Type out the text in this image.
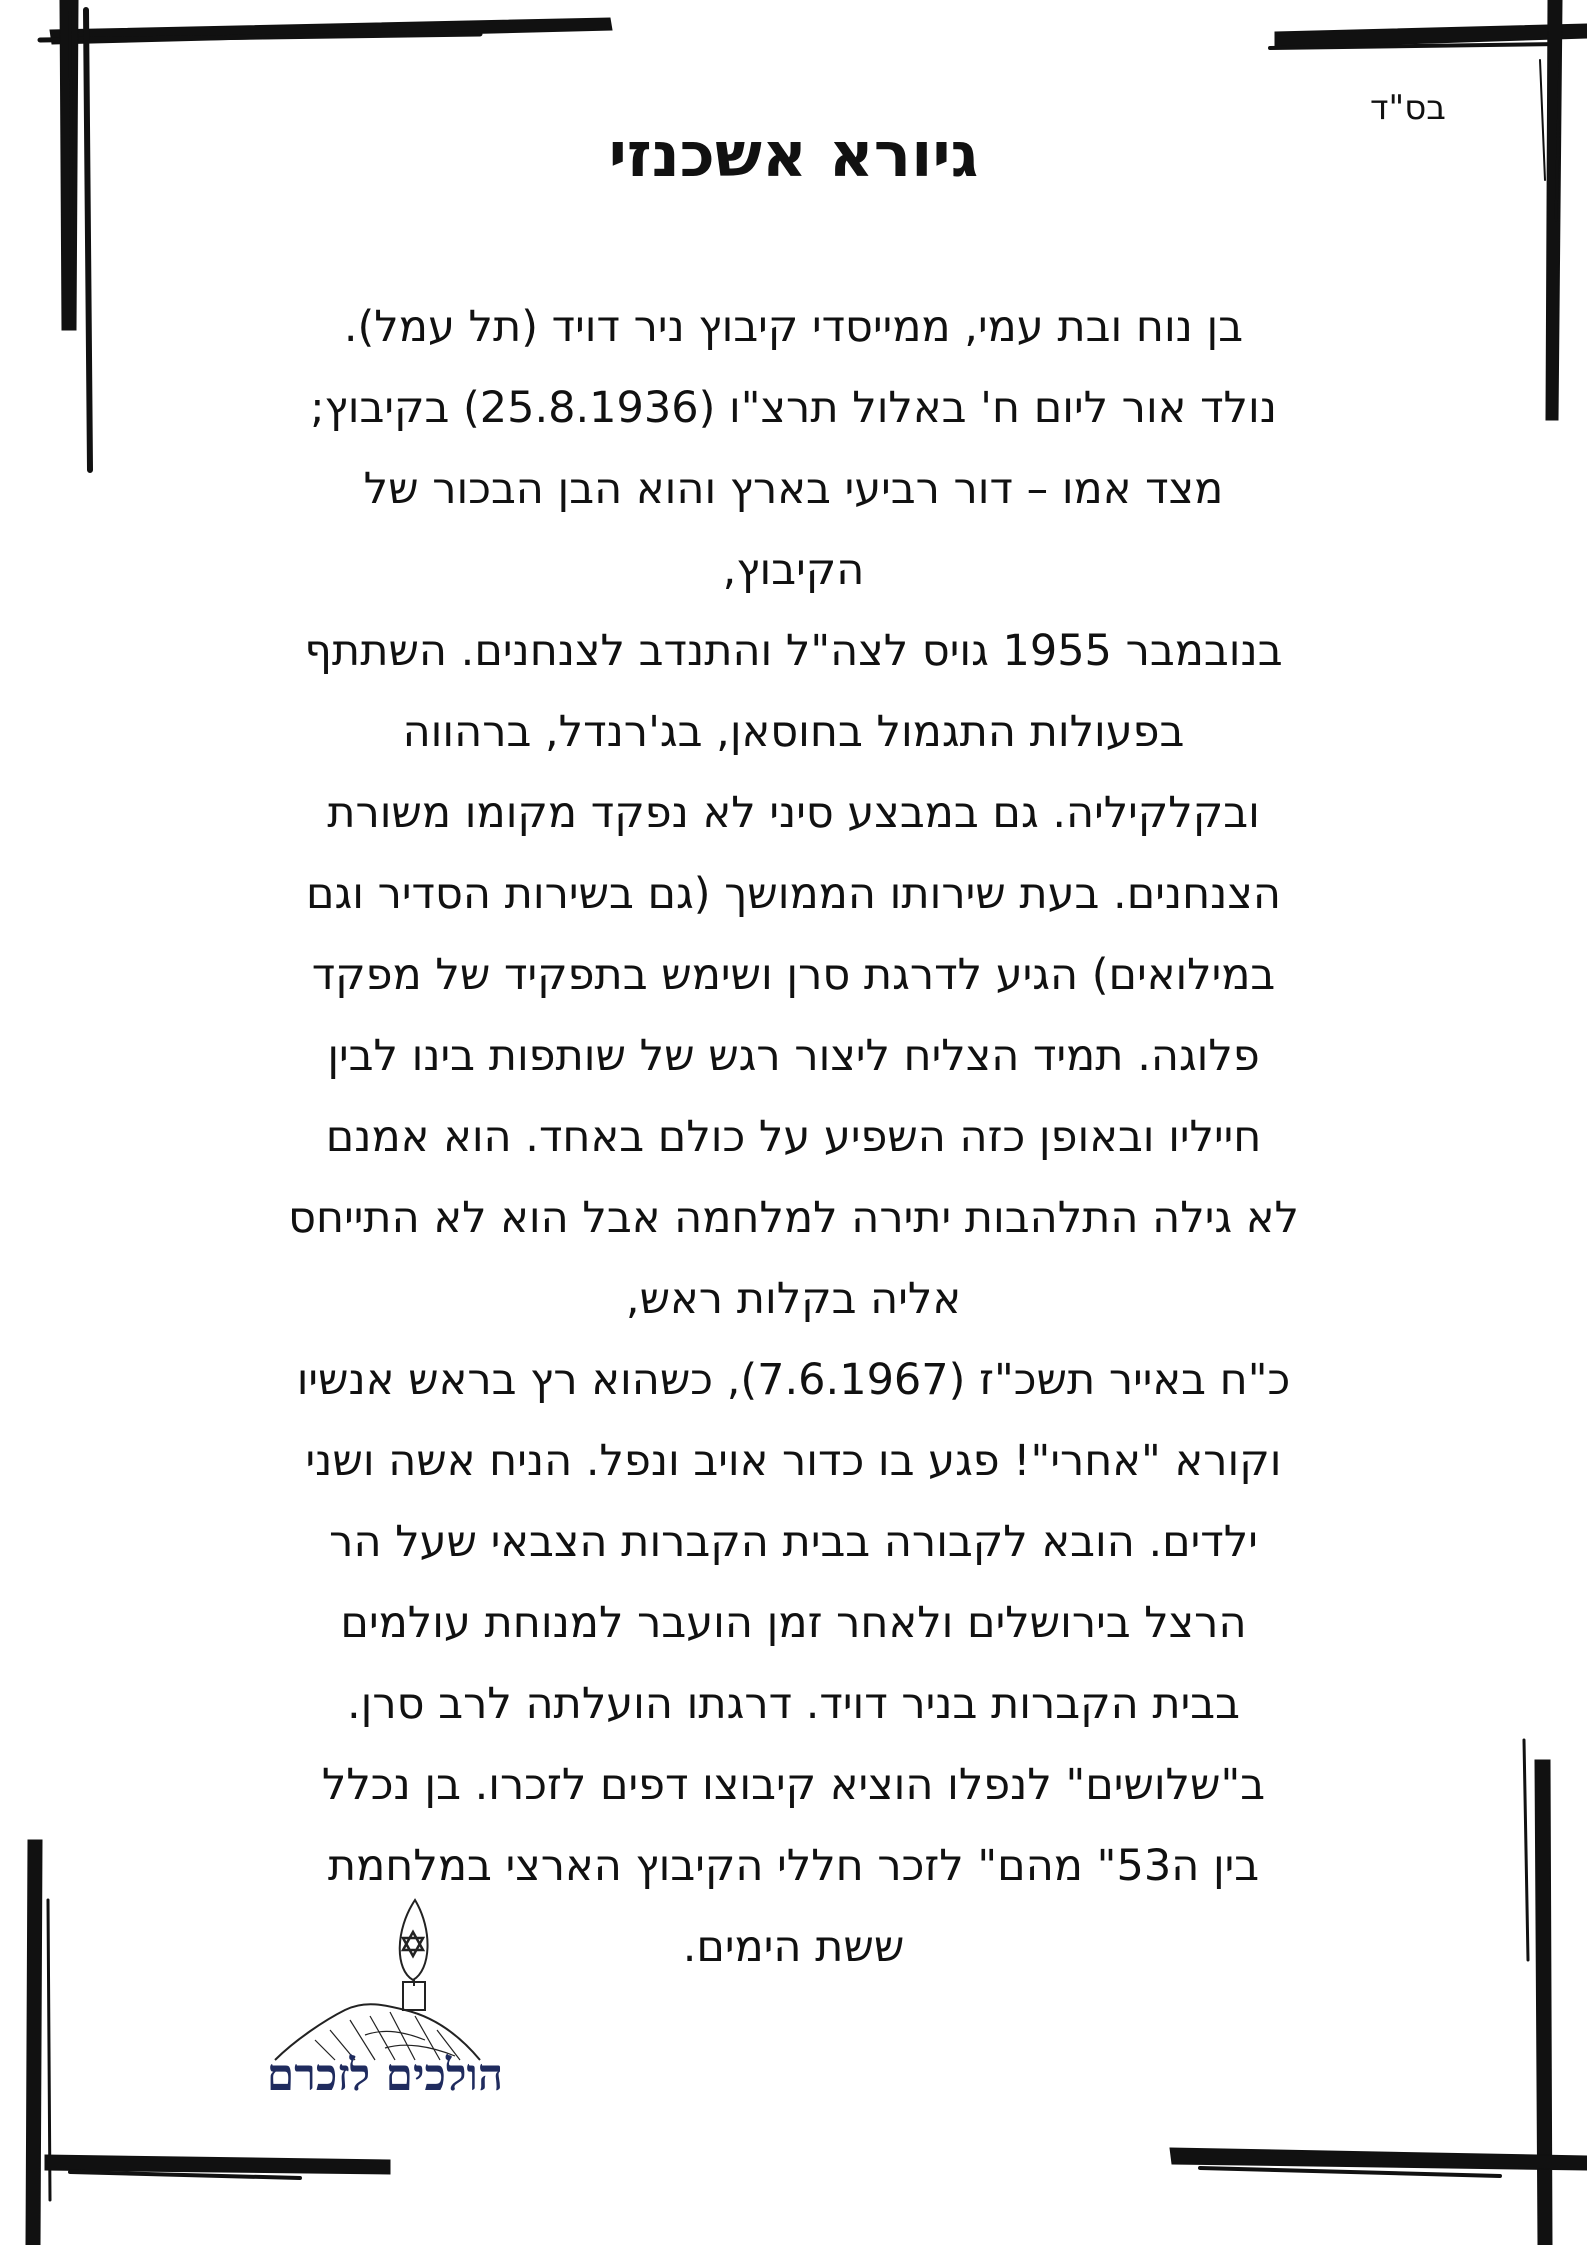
בס"ד
גיורא אשכנזי
בן נוח ובת עמי, ממייסדי קיבוץ ניר דויד (תל עמל).
נולד אור ליום ח' באלול תרצ"ו (25.8.1936) בקיבוץ;
מצד אמו – דור רביעי בארץ והוא הבן הבכור של
הקיבוץ,
בנובמבר 1955 גויס לצה"ל והתנדב לצנחנים. השתתף
בפעולות התגמול בחוסאן, בג'רנדל, ברהווה
ובקלקיליה. גם במבצע סיני לא נפקד מקומו משורת
הצנחנים. בעת שירותו הממושך (גם בשירות הסדיר וגם
במילואים) הגיע לדרגת סרן ושימש בתפקיד של מפקד
פלוגה. תמיד הצליח ליצור רגש של שותפות בינו לבין
חייליו ובאופן כזה השפיע על כולם באחד. הוא אמנם
לא גילה התלהבות יתירה למלחמה אבל הוא לא התייחס
אליה בקלות ראש,
כ"ח באייר תשכ"ז (7.6.1967), כשהוא רץ בראש אנשיו
וקורא "אחרי"! פגע בו כדור אויב ונפל. הניח אשה ושני
ילדים. הובא לקבורה בבית הקברות הצבאי שעל הר
הרצל בירושלים ולאחר זמן הועבר למנוחת עולמים
בבית הקברות בניר דויד. דרגתו הועלתה לרב סרן.
ב"שלושים" לנפלו הוציא קיבוצו דפים לזכרו. בן נכלל
בין ה53" מהם" לזכר חללי הקיבוץ הארצי במלחמת
ששת הימים.
הולכים לזכרם
